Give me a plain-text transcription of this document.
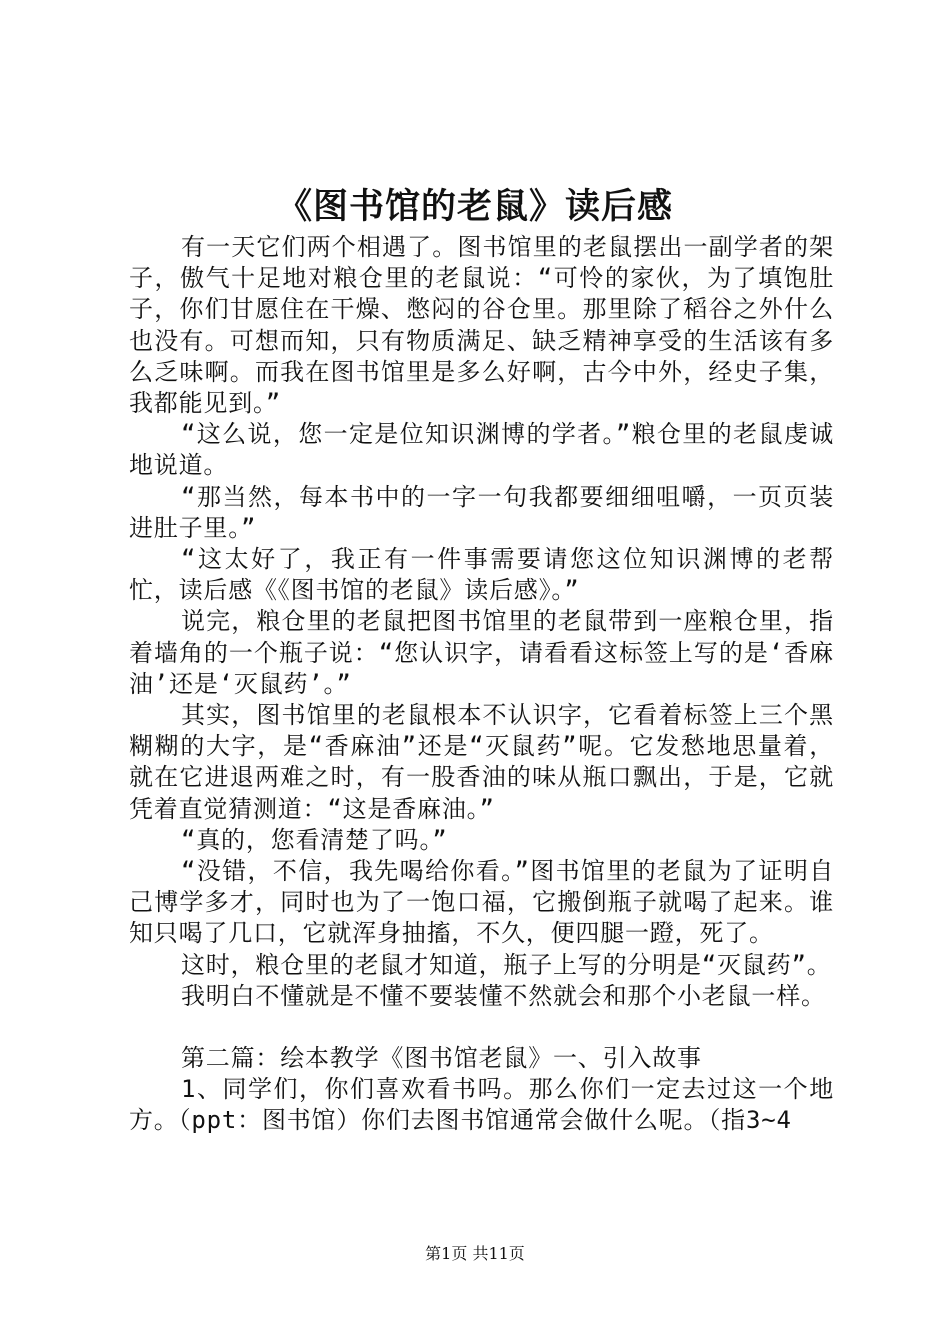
《图书馆的老鼠》读后感

有一天它们两个相遇了。图书馆里的老鼠摆出一副学者的架子，傲气十足地对粮仓里的老鼠说：“可怜的家伙，为了填饱肚子，你们甘愿住在干燥、憋闷的谷仓里。那里除了稻谷之外什么也没有。可想而知，只有物质满足、缺乏精神享受的生活该有多么乏味啊。而我在图书馆里是多么好啊，古今中外，经史子集，我都能见到。”

“这么说，您一定是位知识渊博的学者。”粮仓里的老鼠虔诚地说道。

“那当然，每本书中的一字一句我都要细细咀嚼，一页页装进肚子里。”

“这太好了，我正有一件事需要请您这位知识渊博的老帮忙，读后感《《图书馆的老鼠》读后感》。”

说完，粮仓里的老鼠把图书馆里的老鼠带到一座粮仓里，指着墙角的一个瓶子说：“您认识字，请看看这标签上写的是‘香麻油’还是‘灭鼠药’。”

其实，图书馆里的老鼠根本不认识字，它看着标签上三个黑糊糊的大字，是“香麻油”还是“灭鼠药”呢。它发愁地思量着，就在它进退两难之时，有一股香油的味从瓶口飘出，于是，它就凭着直觉猜测道：“这是香麻油。”

“真的，您看清楚了吗。”

“没错，不信，我先喝给你看。”图书馆里的老鼠为了证明自己博学多才，同时也为了一饱口福，它搬倒瓶子就喝了起来。谁知只喝了几口，它就浑身抽搐，不久，便四腿一蹬，死了。

这时，粮仓里的老鼠才知道，瓶子上写的分明是“灭鼠药”。

我明白不懂就是不懂不要装懂不然就会和那个小老鼠一样。

第二篇：绘本教学《图书馆老鼠》一、引入故事

1、同学们，你们喜欢看书吗。那么你们一定去过这一个地方。（ppt：图书馆）你们去图书馆通常会做什么呢。（指3~4

第1页 共11页
